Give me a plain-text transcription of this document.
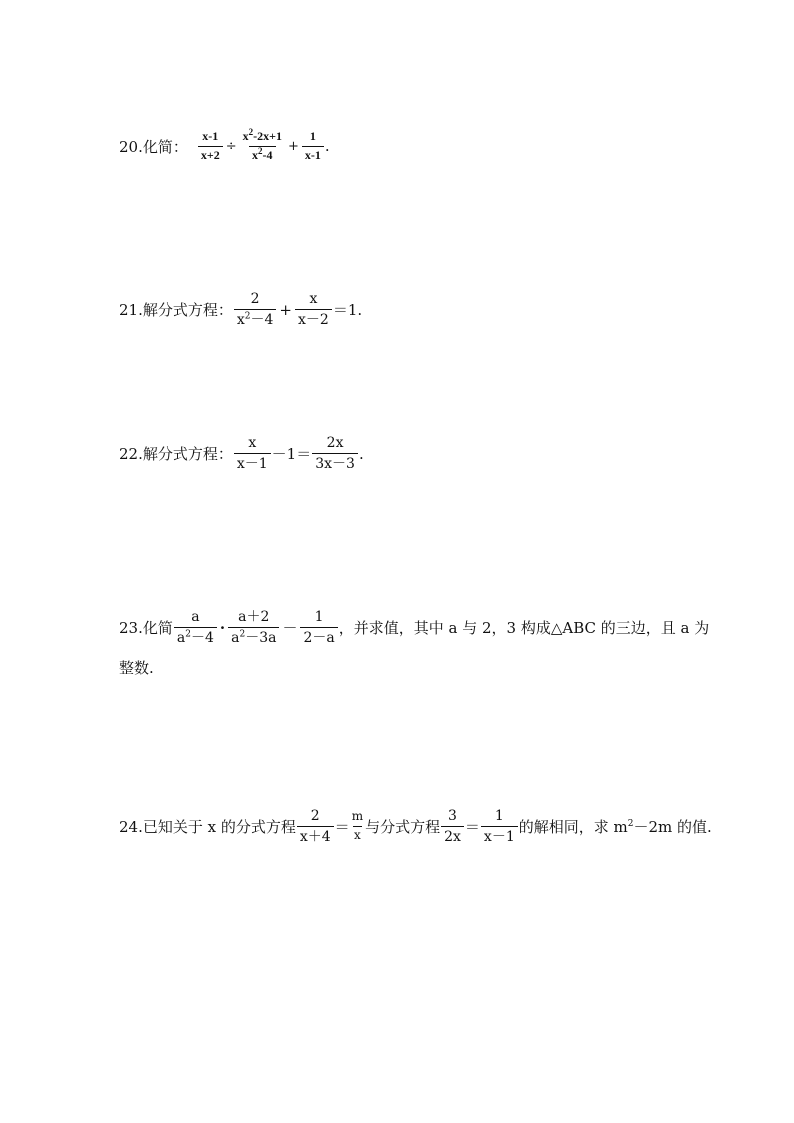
20.化简： $\frac{x-1}{x+2} \div \frac{x^2-2x+1}{x^2-4} + \frac{1}{x-1}$ .
21.解分式方程： $\frac{2}{x^2-4} + \frac{x}{x-2} =1$.
22.解分式方程： $\frac{x}{x-1} -1= \frac{2x}{3x-3}$ .
23.化简 $\frac{a}{a^2-4} \cdot \frac{a+2}{a^2-3a} - \frac{1}{2-a}$ ，并求值，其中 a 与 2，3 构成△ABC 的三边，且 a 为
整数.
24.已知关于 x 的分式方程 $\frac{2}{x+4} = \frac{m}{x}$ 与分式方程 $\frac{3}{2x} = \frac{1}{x-1}$ 的解相同，求 $m^2-2m$ 的值.
